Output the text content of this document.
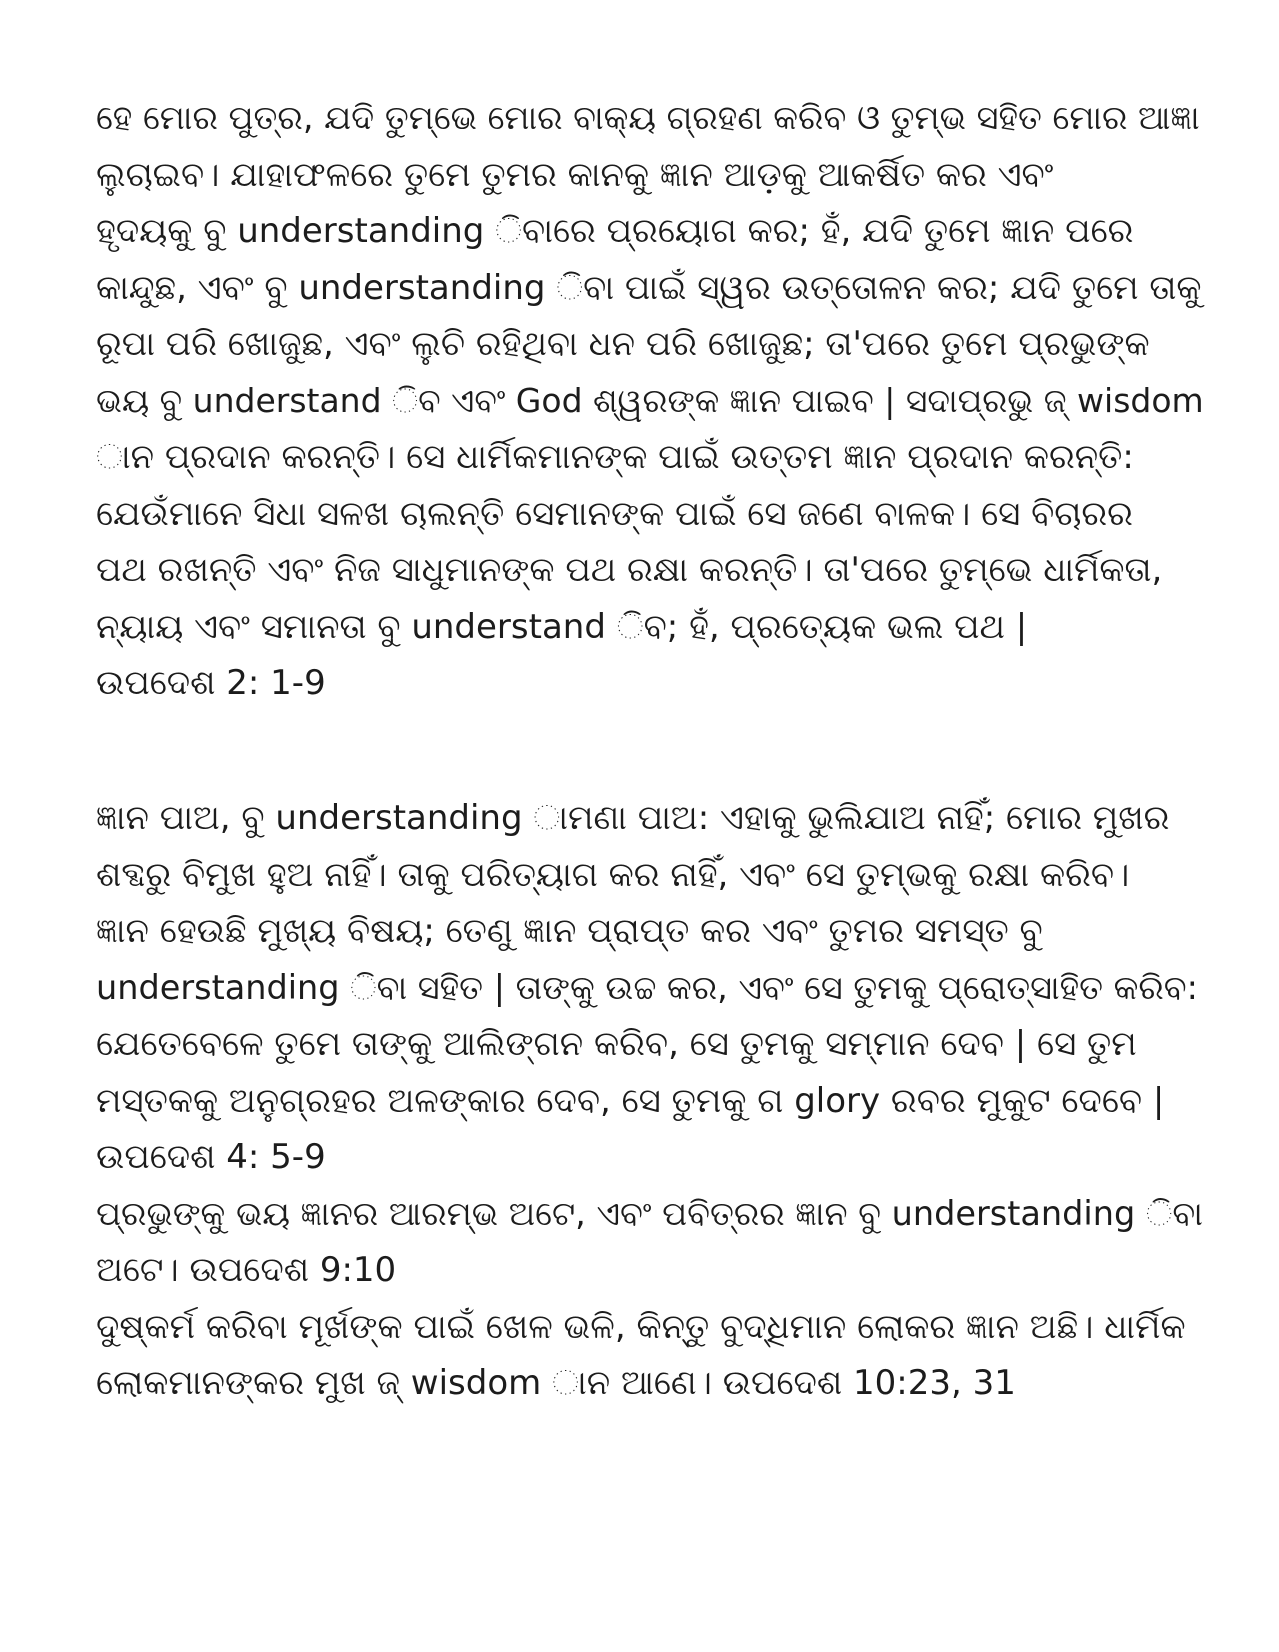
ହେ ମୋର ପୁତ୍ର, ଯଦି ତୁମ୍ଭେ ମୋର ବାକ୍ୟ ଗ୍ରହଣ କରିବ ଓ ତୁମ୍ଭ ସହିତ ମୋର ଆଜ୍ଞା
ଲୁଚାଇବ। ଯାହାଫଳରେ ତୁମେ ତୁମର କାନକୁ ଜ୍ଞାନ ଆଡ଼କୁ ଆକର୍ଷିତ କର ଏବଂ
ହୃଦୟକୁ ବୁ understanding ିବାରେ ପ୍ରୟୋଗ କର; ହଁ, ଯଦି ତୁମେ ଜ୍ଞାନ ପରେ
କାନ୍ଦୁଛ, ଏବଂ ବୁ understanding ିବା ପାଇଁ ସ୍ୱର ଉତ୍ତୋଳନ କର; ଯଦି ତୁମେ ତାକୁ
ରୂପା ପରି ଖୋଜୁଛ, ଏବଂ ଲୁଚି ରହିଥିବା ଧନ ପରି ଖୋଜୁଛ; ତା'ପରେ ତୁମେ ପ୍ରଭୁଙ୍କ
ଭୟ ବୁ understand ିବ ଏବଂ God ଶ୍ୱରଙ୍କ ଜ୍ଞାନ ପାଇବ | ସଦାପ୍ରଭୁ ଜ୍ wisdom
ାନ ପ୍ରଦାନ କରନ୍ତି। ସେ ଧାର୍ମିକମାନଙ୍କ ପାଇଁ ଉତ୍ତମ ଜ୍ଞାନ ପ୍ରଦାନ କରନ୍ତି:
ଯେଉଁମାନେ ସିଧା ସଳଖ ଚାଲନ୍ତି ସେମାନଙ୍କ ପାଇଁ ସେ ଜଣେ ବାଳକ। ସେ ବିଚାରର
ପଥ ରଖନ୍ତି ଏବଂ ନିଜ ସାଧୁମାନଙ୍କ ପଥ ରକ୍ଷା କରନ୍ତି। ତା'ପରେ ତୁମ୍ଭେ ଧାର୍ମିକତା,
ନ୍ୟାୟ ଏବଂ ସମାନତା ବୁ understand ିବ; ହଁ, ପ୍ରତ୍ୟେକ ଭଲ ପଥ |
ଉପଦେଶ 2: 1-9
ଜ୍ଞାନ ପାଅ, ବୁ understanding ାମଣା ପାଅ: ଏହାକୁ ଭୁଲିଯାଅ ନାହିଁ; ମୋର ମୁଖର
ଶବ୍ଦରୁ ବିମୁଖ ହୁଅ ନାହିଁ। ତାକୁ ପରିତ୍ୟାଗ କର ନାହିଁ, ଏବଂ ସେ ତୁମ୍ଭକୁ ରକ୍ଷା କରିବ।
ଜ୍ଞାନ ହେଉଛି ମୁଖ୍ୟ ବିଷୟ; ତେଣୁ ଜ୍ଞାନ ପ୍ରାପ୍ତ କର ଏବଂ ତୁମର ସମସ୍ତ ବୁ
understanding ିବା ସହିତ | ତାଙ୍କୁ ଉଚ୍ଚ କର, ଏବଂ ସେ ତୁମକୁ ପ୍ରୋତ୍ସାହିତ କରିବ:
ଯେତେବେଳେ ତୁମେ ତାଙ୍କୁ ଆଲିଙ୍ଗନ କରିବ, ସେ ତୁମକୁ ସମ୍ମାନ ଦେବ | ସେ ତୁମ
ମସ୍ତକକୁ ଅନୁଗ୍ରହର ଅଳଙ୍କାର ଦେବ, ସେ ତୁମକୁ ଗ glory ରବର ମୁକୁଟ ଦେବେ |
ଉପଦେଶ 4: 5-9
ପ୍ରଭୁଙ୍କୁ ଭୟ ଜ୍ଞାନର ଆରମ୍ଭ ଅଟେ, ଏବଂ ପବିତ୍ରର ଜ୍ଞାନ ବୁ understanding ିବା
ଅଟେ। ଉପଦେଶ 9:10
ଦୁଷ୍କର୍ମ କରିବା ମୂର୍ଖଙ୍କ ପାଇଁ ଖେଳ ଭଳି, କିନ୍ତୁ ବୁଦ୍ଧିମାନ ଲୋକର ଜ୍ଞାନ ଅଛି। ଧାର୍ମିକ
ଲୋକମାନଙ୍କର ମୁଖ ଜ୍ wisdom ାନ ଆଣେ। ଉପଦେଶ 10:23, 31
